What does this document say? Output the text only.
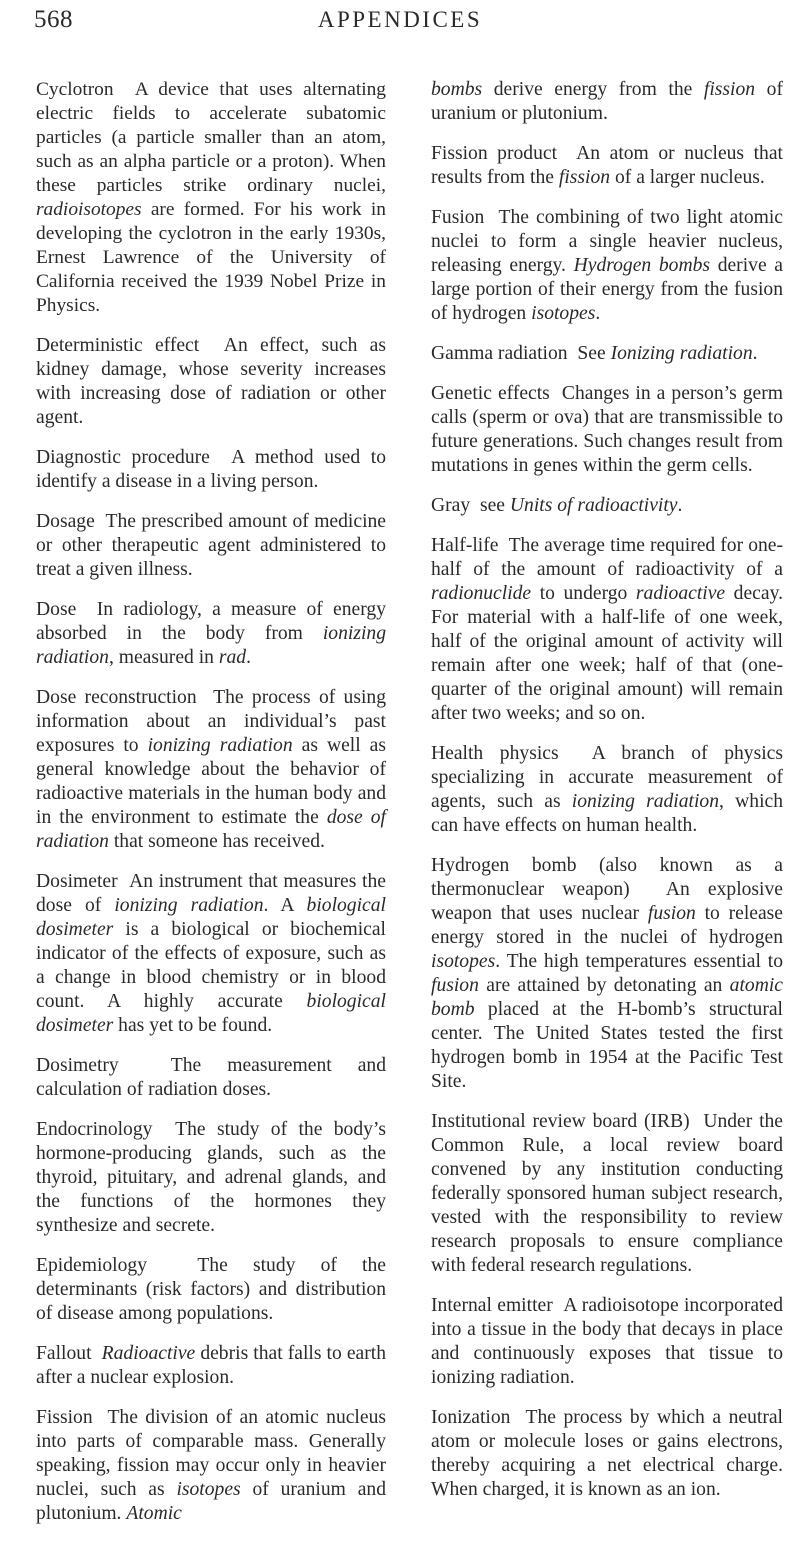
568	APPENDICES

Cyclotron A device that uses alternating electric fields to accelerate subatomic particles (a particle smaller than an atom, such as an alpha particle or a proton). When these particles strike ordinary nuclei, radioisotopes are formed. For his work in developing the cyclotron in the early 1930s, Ernest Lawrence of the University of California received the 1939 Nobel Prize in Physics.

Deterministic effect An effect, such as kidney damage, whose severity increases with increasing dose of radiation or other agent.

Diagnostic procedure A method used to identify a disease in a living person.

Dosage The prescribed amount of medicine or other therapeutic agent administered to treat a given illness.

Dose In radiology, a measure of energy absorbed in the body from ionizing radiation, measured in rad.

Dose reconstruction The process of using information about an individual’s past exposures to ionizing radiation as well as general knowledge about the behavior of radioactive materials in the human body and in the environment to estimate the dose of radiation that someone has received.

Dosimeter An instrument that measures the dose of ionizing radiation. A biological dosimeter is a biological or biochemical indicator of the effects of exposure, such as a change in blood chemistry or in blood count. A highly accurate biological dosimeter has yet to be found.

Dosimetry	The measurement and calculation of radiation doses.

Endocrinology The study of the body’s hormone-producing glands, such as the thyroid, pituitary, and adrenal glands, and the functions of the hormones they synthesize and secrete.

Epidemiology	The study of the determinants (risk factors) and distribution of disease among populations.

Fallout Radioactive debris that falls to earth after a nuclear explosion.

Fission The division of an atomic nucleus into parts of comparable mass. Generally speaking, fission may occur only in heavier nuclei, such as isotopes of uranium and plutonium. Atomic

bombs derive energy from the fission of uranium or plutonium.

Fission product An atom or nucleus that results from the fission of a larger nucleus.

Fusion The combining of two light atomic nuclei to form a single heavier nucleus, releasing energy. Hydrogen bombs derive a large portion of their energy from the fusion of hydrogen isotopes.

Gamma radiation See Ionizing radiation.

Genetic effects Changes in a person’s germ calls (sperm or ova) that are transmissible to future generations. Such changes result from mutations in genes within the germ cells.

Gray see Units of radioactivity.

Half-life The average time required for one-half of the amount of radioactivity of a radionuclide to undergo radioactive decay. For material with a half-life of one week, half of the original amount of activity will remain after one week; half of that (one-quarter of the original amount) will remain after two weeks; and so on.

Health physics A branch of physics specializing in accurate measurement of agents, such as ionizing radiation, which can have effects on human health.

Hydrogen bomb (also known as a thermonuclear weapon) An explosive weapon that uses nuclear fusion to release energy stored in the nuclei of hydrogen isotopes. The high temperatures essential to fusion are attained by detonating an atomic bomb placed at the H-bomb’s structural center. The United States tested the first hydrogen bomb in 1954 at the Pacific Test Site.

Institutional review board (IRB) Under the Common Rule, a local review board convened by any institution conducting federally sponsored human subject research, vested with the responsibility to review research proposals to ensure compliance with federal research regulations.

Internal emitter A radioisotope incorporated into a tissue in the body that decays in place and continuously exposes that tissue to ionizing radiation.

Ionization The process by which a neutral atom or molecule loses or gains electrons, thereby acquiring a net electrical charge. When charged, it is known as an ion.
